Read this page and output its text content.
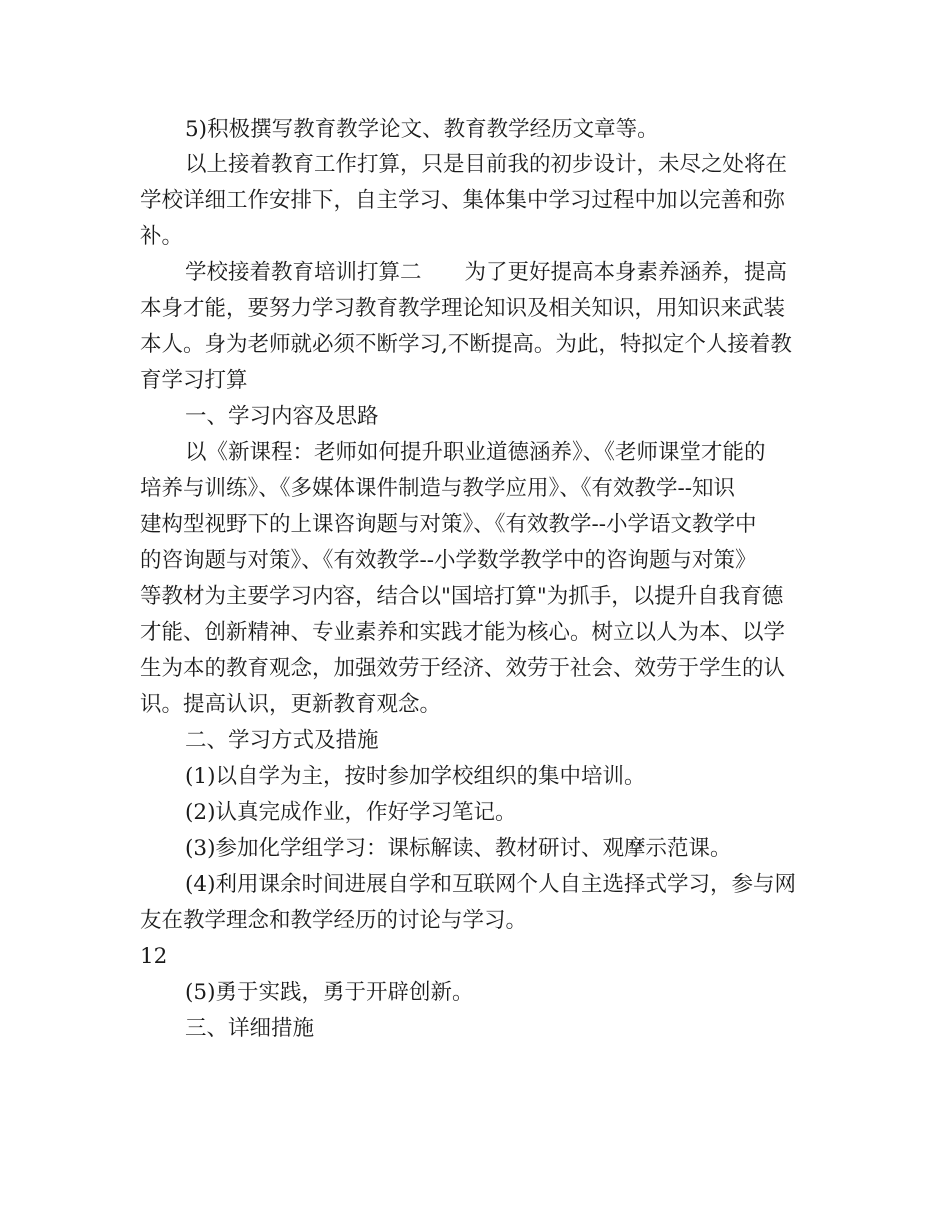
5)积极撰写教育教学论文、教育教学经历文章等。
以上接着教育工作打算，只是目前我的初步设计，未尽之处将在
学校详细工作安排下，自主学习、集体集中学习过程中加以完善和弥
补。
学校接着教育培训打算二　　为了更好提高本身素养涵养，提高
本身才能，要努力学习教育教学理论知识及相关知识，用知识来武装
本人。身为老师就必须不断学习,不断提高。为此，特拟定个人接着教
育学习打算
一、学习内容及思路
以《新课程：老师如何提升职业道德涵养》、《老师课堂才能的
培养与训练》、《多媒体课件制造与教学应用》、《有效教学--知识
建构型视野下的上课咨询题与对策》、《有效教学--小学语文教学中
的咨询题与对策》、《有效教学--小学数学教学中的咨询题与对策》
等教材为主要学习内容，结合以"国培打算"为抓手，以提升自我育德
才能、创新精神、专业素养和实践才能为核心。树立以人为本、以学
生为本的教育观念，加强效劳于经济、效劳于社会、效劳于学生的认
识。提高认识，更新教育观念。
二、学习方式及措施
(1)以自学为主，按时参加学校组织的集中培训。
(2)认真完成作业，作好学习笔记。
(3)参加化学组学习：课标解读、教材研讨、观摩示范课。
(4)利用课余时间进展自学和互联网个人自主选择式学习，参与网
友在教学理念和教学经历的讨论与学习。
12
(5)勇于实践，勇于开辟创新。
三、详细措施
